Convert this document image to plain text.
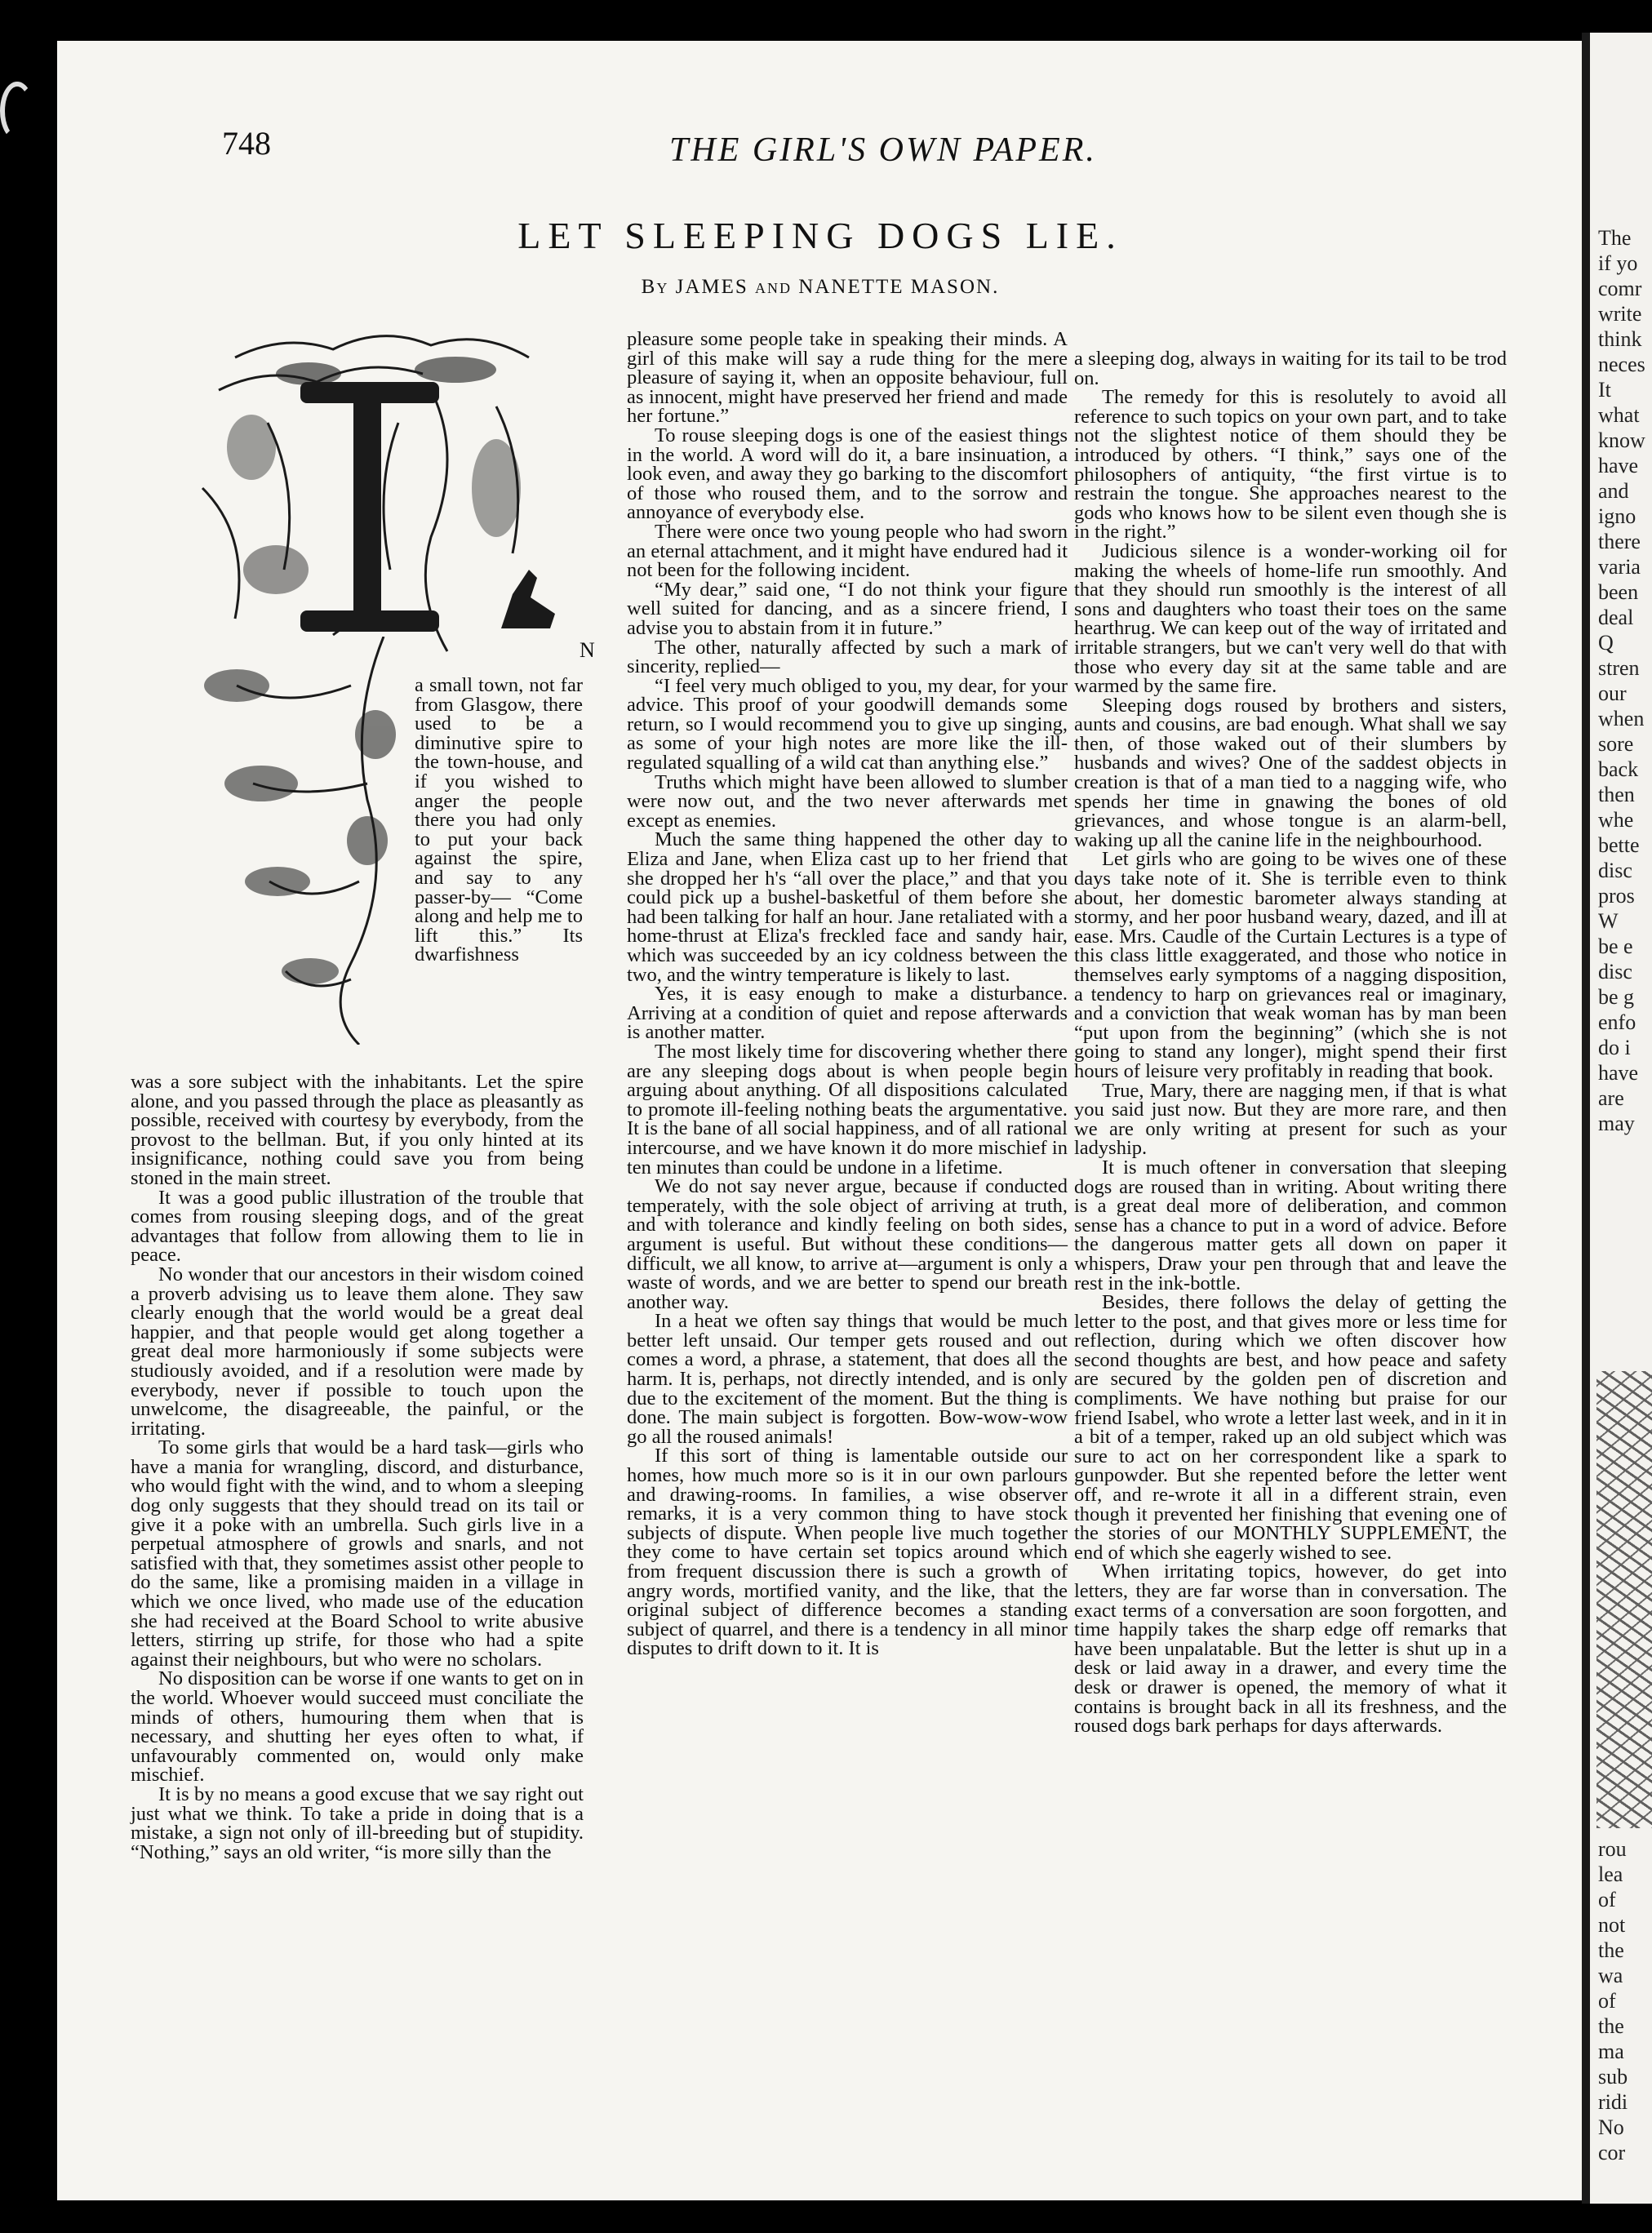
748	THE GIRL'S OWN PAPER.
LET SLEEPING DOGS LIE.
By JAMES and NANETTE MASON.
N

a small town, not far from Glasgow, there used to be a diminutive spire to the town-house, and if you wished to anger the people there you had only to put your back against the spire, and say to any passer-by— “Come along and help me to lift this.” Its dwarfishness

was a sore subject with the inhabitants. Let the spire alone, and you passed through the place as pleasantly as possible, received with courtesy by everybody, from the provost to the bellman. But, if you only hinted at its insignificance, nothing could save you from being stoned in the main street.

It was a good public illustration of the trouble that comes from rousing sleeping dogs, and of the great advantages that follow from allowing them to lie in peace.

No wonder that our ancestors in their wisdom coined a proverb advising us to leave them alone. They saw clearly enough that the world would be a great deal happier, and that people would get along together a great deal more harmoniously if some subjects were studiously avoided, and if a resolution were made by everybody, never if possible to touch upon the unwelcome, the disagreeable, the painful, or the irritating.

To some girls that would be a hard task—girls who have a mania for wrangling, discord, and disturbance, who would fight with the wind, and to whom a sleeping dog only suggests that they should tread on its tail or give it a poke with an umbrella. Such girls live in a perpetual atmosphere of growls and snarls, and not satisfied with that, they sometimes assist other people to do the same, like a promising maiden in a village in which we once lived, who made use of the education she had received at the Board School to write abusive letters, stirring up strife, for those who had a spite against their neighbours, but who were no scholars.

No disposition can be worse if one wants to get on in the world. Whoever would succeed must conciliate the minds of others, humouring them when that is necessary, and shutting her eyes often to what, if unfavourably commented on, would only make mischief.

It is by no means a good excuse that we say right out just what we think. To take a pride in doing that is a mistake, a sign not only of ill-breeding but of stupidity. “Nothing,” says an old writer, “is more silly than the

pleasure some people take in speaking their minds. A girl of this make will say a rude thing for the mere pleasure of saying it, when an opposite behaviour, full as innocent, might have preserved her friend and made her fortune.”

To rouse sleeping dogs is one of the easiest things in the world. A word will do it, a bare insinuation, a look even, and away they go barking to the discomfort of those who roused them, and to the sorrow and annoyance of everybody else.

There were once two young people who had sworn an eternal attachment, and it might have endured had it not been for the following incident.

“My dear,” said one, “I do not think your figure well suited for dancing, and as a sincere friend, I advise you to abstain from it in future.”

The other, naturally affected by such a mark of sincerity, replied—

“I feel very much obliged to you, my dear, for your advice. This proof of your goodwill demands some return, so I would recommend you to give up singing, as some of your high notes are more like the ill-regulated squalling of a wild cat than anything else.”

Truths which might have been allowed to slumber were now out, and the two never afterwards met except as enemies.

Much the same thing happened the other day to Eliza and Jane, when Eliza cast up to her friend that she dropped her h's “all over the place,” and that you could pick up a bushel-basketful of them before she had been talking for half an hour. Jane retaliated with a home-thrust at Eliza's freckled face and sandy hair, which was succeeded by an icy coldness between the two, and the wintry temperature is likely to last.

Yes, it is easy enough to make a disturbance. Arriving at a condition of quiet and repose afterwards is another matter.

The most likely time for discovering whether there are any sleeping dogs about is when people begin arguing about anything. Of all dispositions calculated to promote ill-feeling nothing beats the argumentative. It is the bane of all social happiness, and of all rational intercourse, and we have known it do more mischief in ten minutes than could be undone in a lifetime.

We do not say never argue, because if conducted temperately, with the sole object of arriving at truth, and with tolerance and kindly feeling on both sides, argument is useful. But without these conditions—difficult, we all know, to arrive at—argument is only a waste of words, and we are better to spend our breath another way.

In a heat we often say things that would be much better left unsaid. Our temper gets roused and out comes a word, a phrase, a statement, that does all the harm. It is, perhaps, not directly intended, and is only due to the excitement of the moment. But the thing is done. The main subject is forgotten. Bow-wow-wow go all the roused animals!

If this sort of thing is lamentable outside our homes, how much more so is it in our own parlours and drawing-rooms. In families, a wise observer remarks, it is a very common thing to have stock subjects of dispute. When people live much together they come to have certain set topics around which from frequent discussion there is such a growth of angry words, mortified vanity, and the like, that the original subject of difference becomes a standing subject of quarrel, and there is a tendency in all minor disputes to drift down to it. It is

a sleeping dog, always in waiting for its tail to be trod on.

The remedy for this is resolutely to avoid all reference to such topics on your own part, and to take not the slightest notice of them should they be introduced by others. “I think,” says one of the philosophers of antiquity, “the first virtue is to restrain the tongue. She approaches nearest to the gods who knows how to be silent even though she is in the right.”

Judicious silence is a wonder-working oil for making the wheels of home-life run smoothly. And that they should run smoothly is the interest of all sons and daughters who toast their toes on the same hearthrug. We can keep out of the way of irritated and irritable strangers, but we can't very well do that with those who every day sit at the same table and are warmed by the same fire.

Sleeping dogs roused by brothers and sisters, aunts and cousins, are bad enough. What shall we say then, of those waked out of their slumbers by husbands and wives? One of the saddest objects in creation is that of a man tied to a nagging wife, who spends her time in gnawing the bones of old grievances, and whose tongue is an alarm-bell, waking up all the canine life in the neighbourhood.

Let girls who are going to be wives one of these days take note of it. She is terrible even to think about, her domestic barometer always standing at stormy, and her poor husband weary, dazed, and ill at ease. Mrs. Caudle of the Curtain Lectures is a type of this class little exaggerated, and those who notice in themselves early symptoms of a nagging disposition, a tendency to harp on grievances real or imaginary, and a conviction that weak woman has by man been “put upon from the beginning” (which she is not going to stand any longer), might spend their first hours of leisure very profitably in reading that book.

True, Mary, there are nagging men, if that is what you said just now. But they are more rare, and then we are only writing at present for such as your ladyship.

It is much oftener in conversation that sleeping dogs are roused than in writing. About writing there is a great deal more of deliberation, and common sense has a chance to put in a word of advice. Before the dangerous matter gets all down on paper it whispers, Draw your pen through that and leave the rest in the ink-bottle.

Besides, there follows the delay of getting the letter to the post, and that gives more or less time for reflection, during which we often discover how second thoughts are best, and how peace and safety are secured by the golden pen of discretion and compliments. We have nothing but praise for our friend Isabel, who wrote a letter last week, and in it in a bit of a temper, raked up an old subject which was sure to act on her correspondent like a spark to gunpowder. But she repented before the letter went off, and re-wrote it all in a different strain, even though it prevented her finishing that evening one of the stories of our MONTHLY SUPPLEMENT, the end of which she eagerly wished to see.

When irritating topics, however, do get into letters, they are far worse than in conversation. The exact terms of a conversation are soon forgotten, and time happily takes the sharp edge off remarks that have been unpalatable. But the letter is shut up in a desk or laid away in a drawer, and every time the desk or drawer is opened, the memory of what it contains is brought back in all its freshness, and the roused dogs bark perhaps for days afterwards.

The
if yo
comr
write
think
neces
It
what
know
have
and
igno
there
varia
been
deal
Q
stren
our
when
sore
back
then
whe
bette
disc
pros
W
be e
disc
be g
enfo
do i
have
are
may
rou
lea
of
not
the
wa
of
the
ma
sub
ridi
No
cor
